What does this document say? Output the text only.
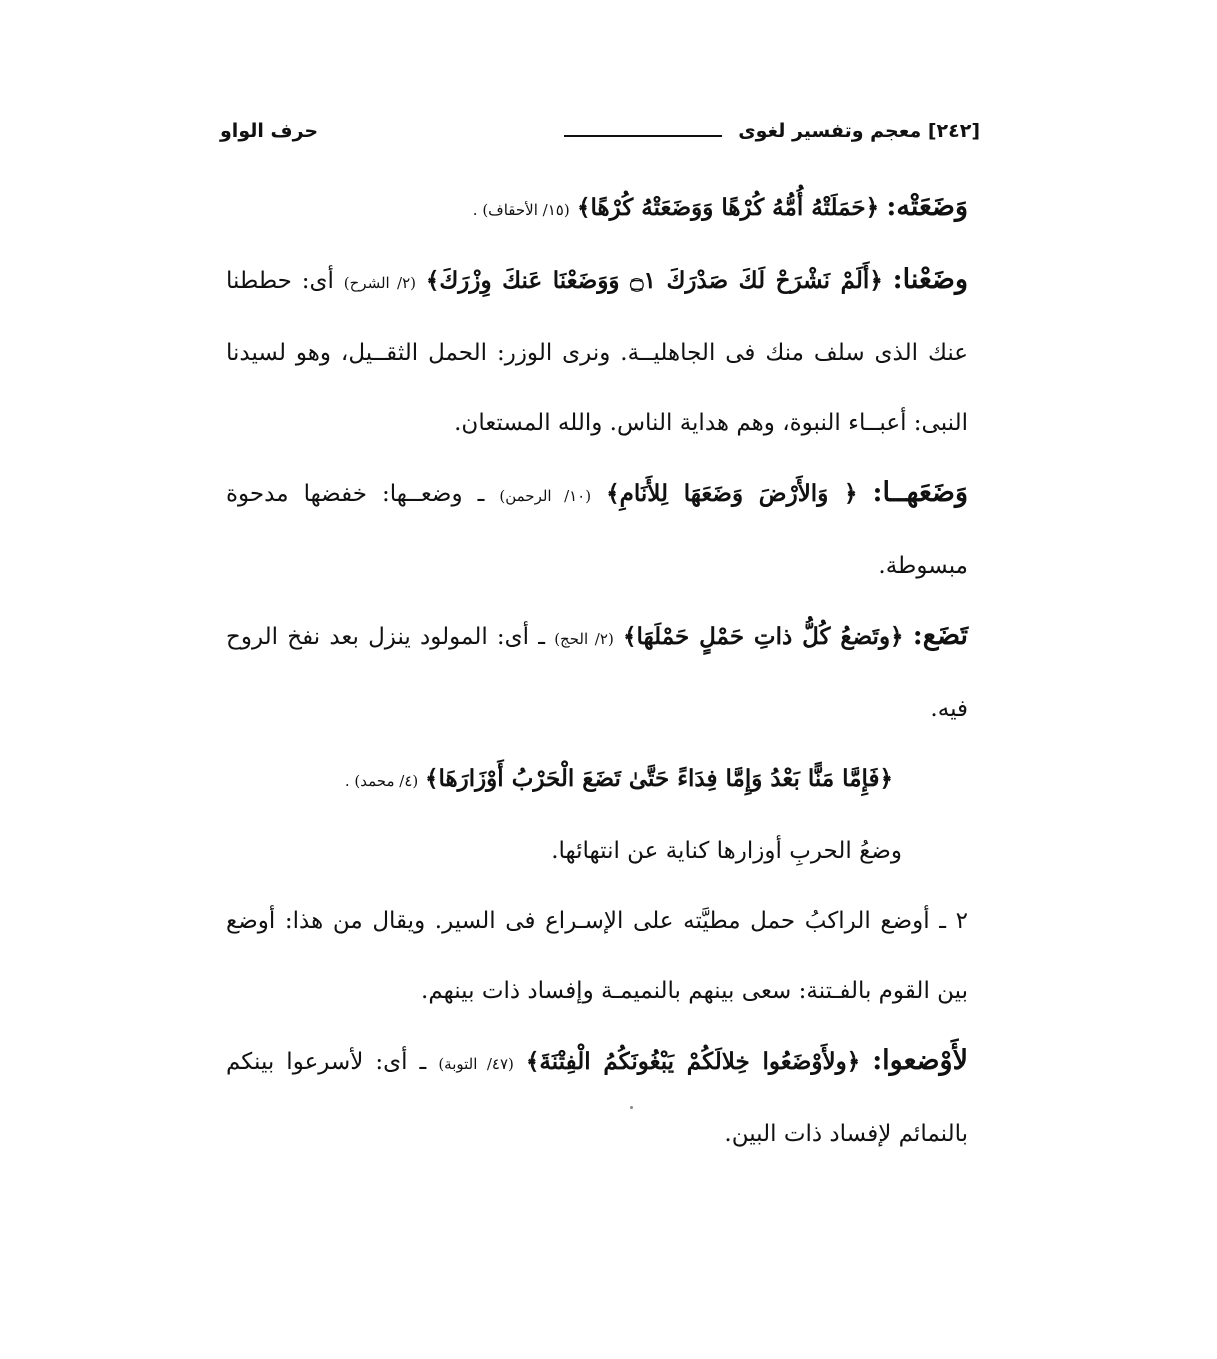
[٢٤٢] معجم وتفسير لغوى
حرف الواو

وَضَعَتْه: ﴿حَمَلَتْهُ أُمُّهُ كُرْهًا وَوَضَعَتْهُ كُرْهًا﴾ (١٥/ الأحقاف) .

وضَعْنا: ﴿أَلَمْ نَشْرَحْ لَكَ صَدْرَكَ ۝١ وَوَضَعْنَا عَنكَ وِزْرَكَ﴾ (٢/ الشرح) أى: حططنا عنك الذى سلف منك فى الجاهليــة. ونرى الوزر: الحمل الثقــيل، وهو لسيدنا النبى: أعبــاء النبوة، وهم هداية الناس. والله المستعان.

وَضَعَهــا: ﴿ وَالأَرْضَ وَضَعَهَا لِلأَنَامِ﴾ (١٠/ الرحمن) ـ وضعــها: خفضها مدحوة مبسوطة.

تَضَع: ﴿وتَضعُ كُلُّ ذاتِ حَمْلٍ حَمْلَهَا﴾ (٢/ الحج) ـ أى: المولود ينزل بعد نفخ الروح فيه.

﴿فَإِمَّا مَنًّا بَعْدُ وَإِمَّا فِدَاءً حَتَّىٰ تَضَعَ الْحَرْبُ أَوْزَارَهَا﴾ (٤/ محمد) .

وضعُ الحربِ أوزارها كناية عن انتهائها.

٢ ـ أوضع الراكبُ حمل مطيَّته على الإسـراع فى السير. ويقال من هذا: أوضع بين القوم بالفـتنة: سعى بينهم بالنميمـة وإفساد ذات بينهم.

لأَوْضعوا: ﴿ولأَوْضَعُوا خِلالَكُمْ يَبْغُونَكُمُ الْفِتْنَةَ﴾ (٤٧/ التوبة) ـ أى: لأسرعوا بينكم بالنمائم لإفساد ذات البين.
